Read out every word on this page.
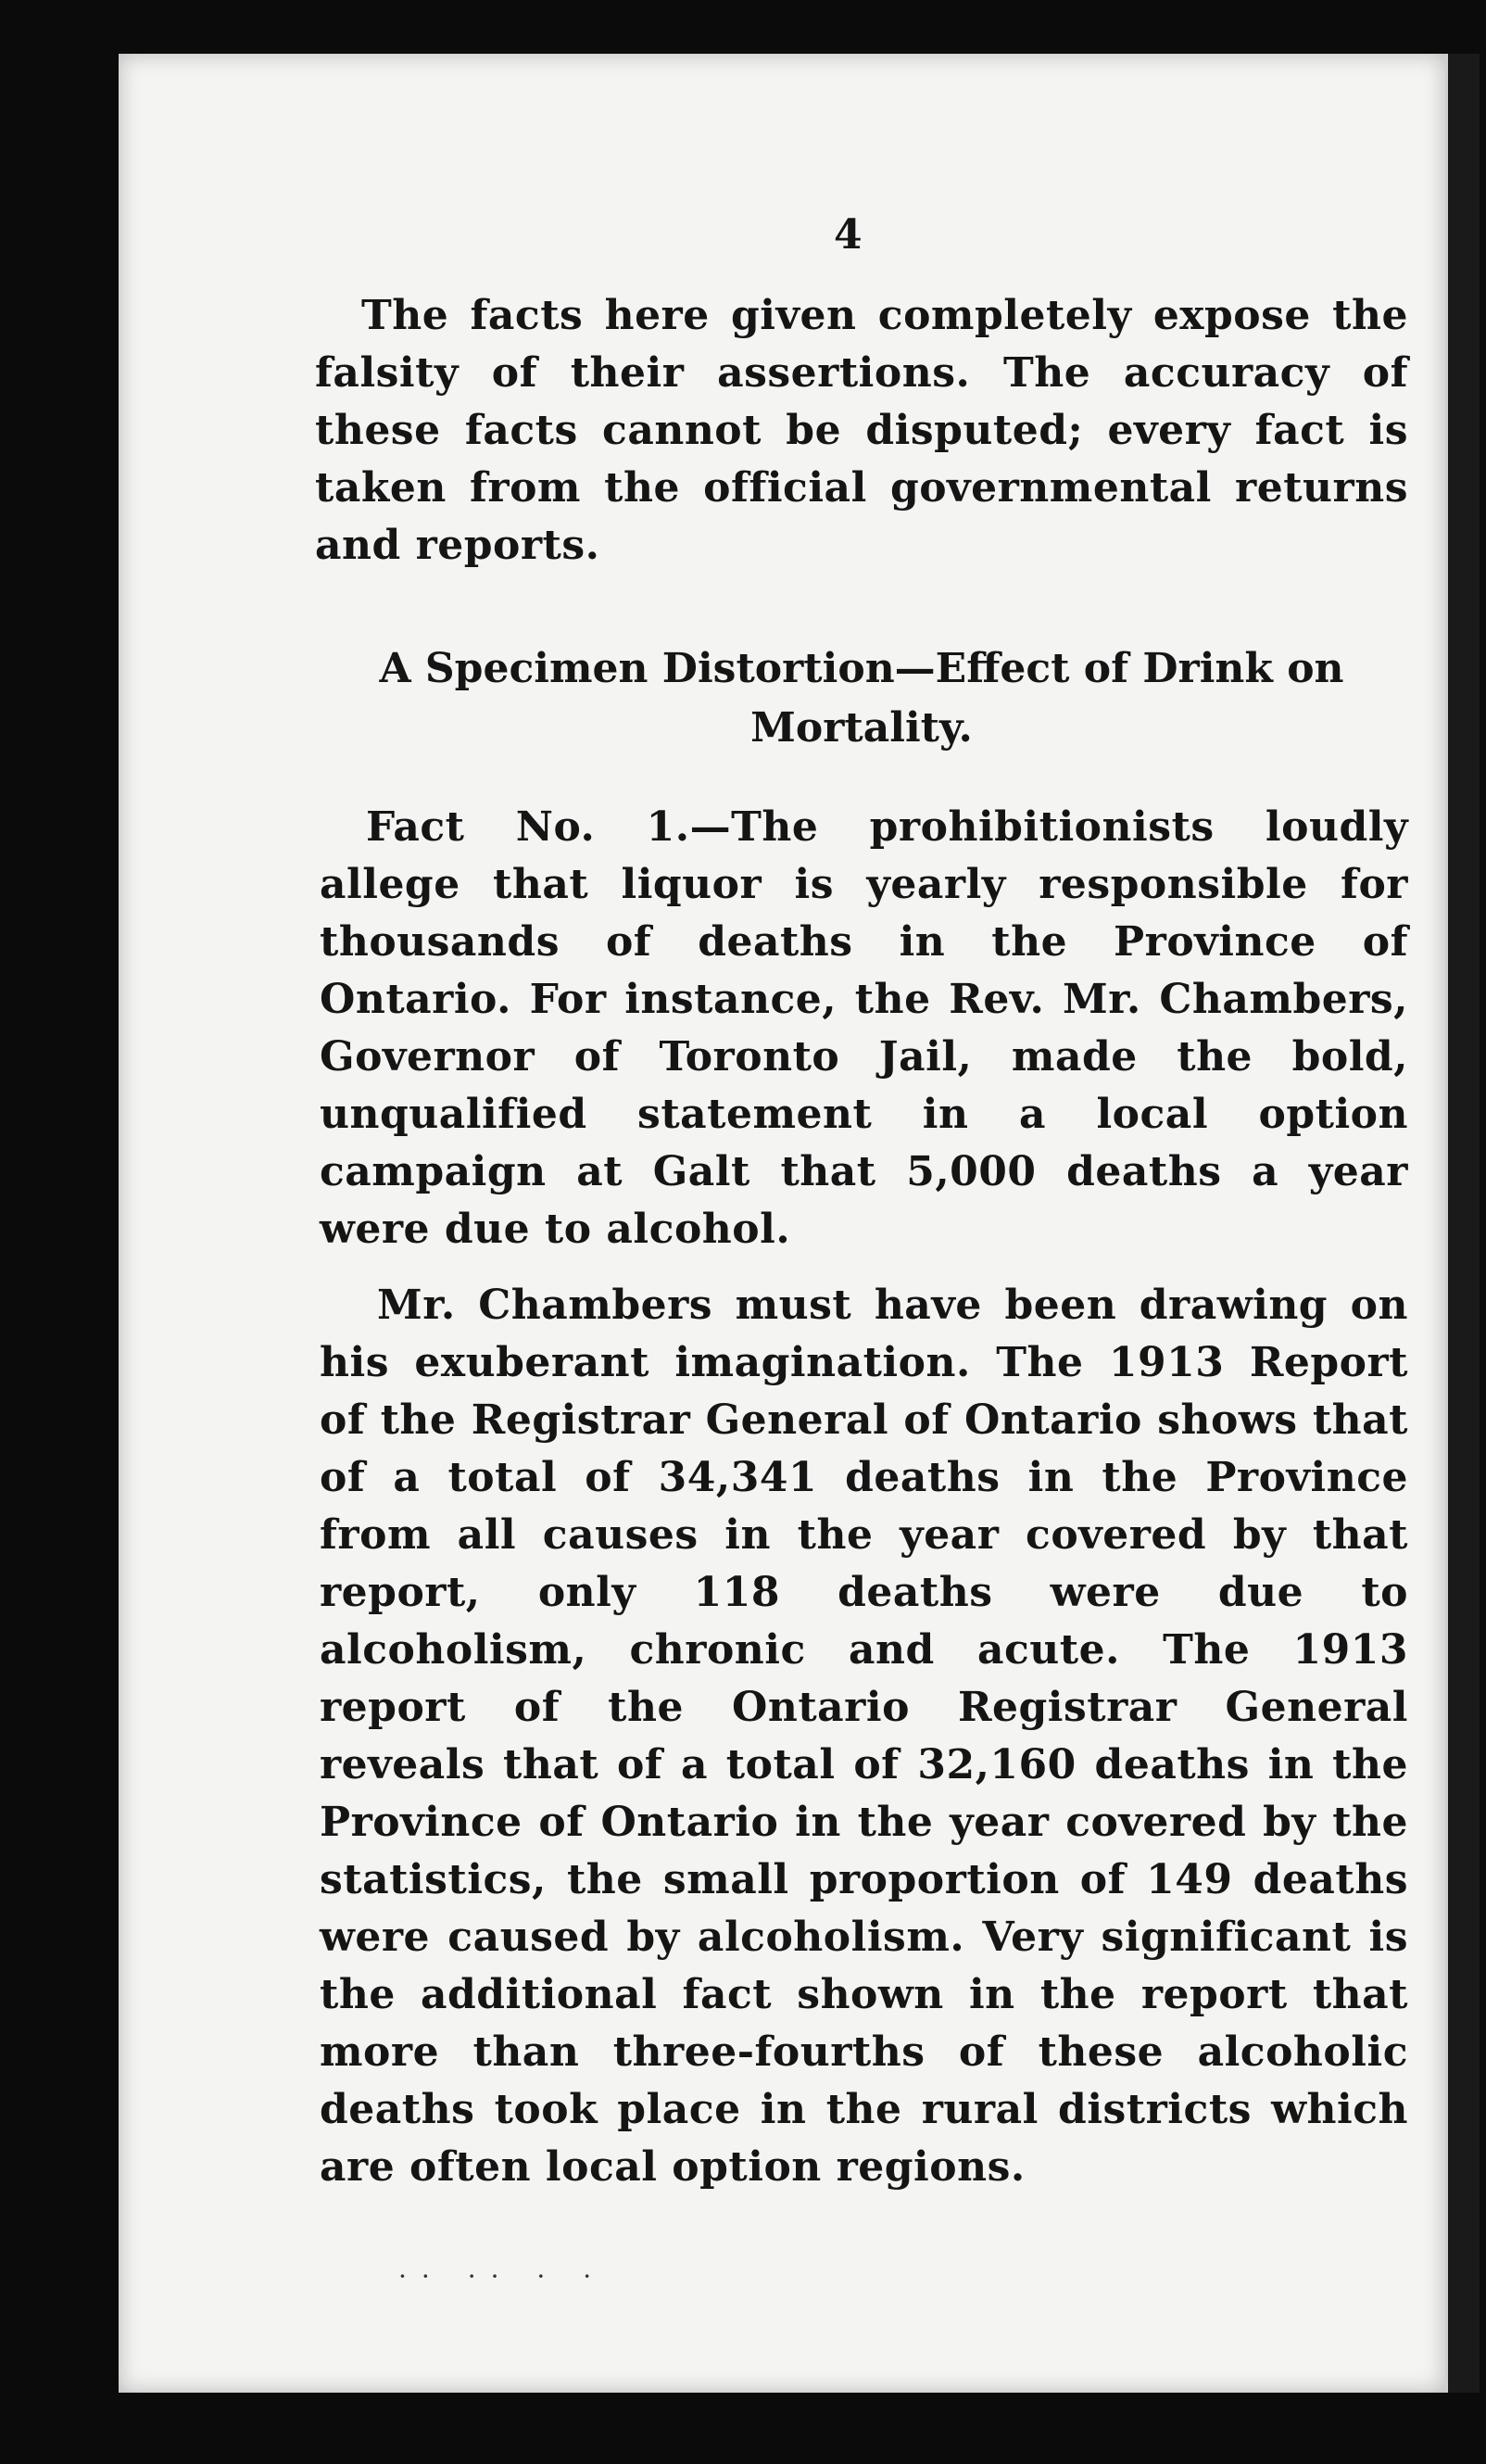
4

The facts here given completely expose the falsity of their assertions. The accuracy of these facts cannot be disputed; every fact is taken from the official governmental returns and reports.

A Specimen Distortion—Effect of Drink on Mortality.

Fact No. 1.—The prohibitionists loudly allege that liquor is yearly responsible for thousands of deaths in the Province of Ontario. For instance, the Rev. Mr. Chambers, Governor of Toronto Jail, made the bold, unqualified statement in a local option campaign at Galt that 5,000 deaths a year were due to alcohol.

Mr. Chambers must have been drawing on his exuberant imagination. The 1913 Report of the Registrar General of Ontario shows that of a total of 34,341 deaths in the Province from all causes in the year covered by that report, only 118 deaths were due to alcoholism, chronic and acute. The 1913 report of the Ontario Registrar General reveals that of a total of 32,160 deaths in the Province of Ontario in the year covered by the statistics, the small proportion of 149 deaths were caused by alcoholism. Very significant is the additional fact shown in the report that more than three-fourths of these alcoholic deaths took place in the rural districts which are often local option regions.

·· ·· · ·
